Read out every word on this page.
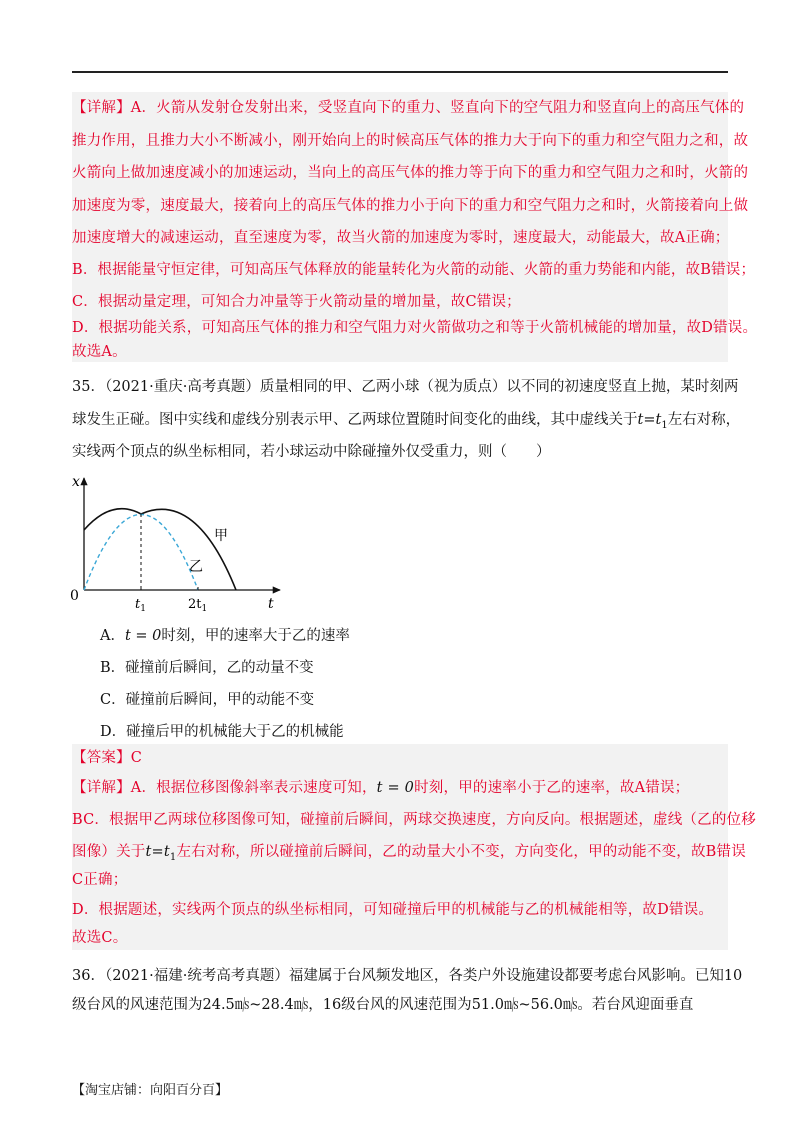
【详解】A．火箭从发射仓发射出来，受竖直向下的重力、竖直向下的空气阻力和竖直向上的高压气体的
推力作用，且推力大小不断减小，刚开始向上的时候高压气体的推力大于向下的重力和空气阻力之和，故
火箭向上做加速度减小的加速运动，当向上的高压气体的推力等于向下的重力和空气阻力之和时，火箭的
加速度为零，速度最大，接着向上的高压气体的推力小于向下的重力和空气阻力之和时，火箭接着向上做
加速度增大的减速运动，直至速度为零，故当火箭的加速度为零时，速度最大，动能最大，故A正确；
B．根据能量守恒定律，可知高压气体释放的能量转化为火箭的动能、火箭的重力势能和内能，故B错误；
C．根据动量定理，可知合力冲量等于火箭动量的增加量，故C错误；
D．根据功能关系，可知高压气体的推力和空气阻力对火箭做功之和等于火箭机械能的增加量，故D错误。
故选A。
35．（2021·重庆·高考真题）质量相同的甲、乙两小球（视为质点）以不同的初速度竖直上抛，某时刻两
球发生正碰。图中实线和虚线分别表示甲、乙两球位置随时间变化的曲线，其中虚线关于$t=t_1$左右对称，
实线两个顶点的纵坐标相同，若小球运动中除碰撞外仅受重力，则（　　）
x
t
0
$t_1$	$2t_1$
甲
乙
A．t = 0时刻，甲的速率大于乙的速率
B．碰撞前后瞬间，乙的动量不变
C．碰撞前后瞬间，甲的动能不变
D．碰撞后甲的机械能大于乙的机械能
【答案】C
【详解】A．根据位移图像斜率表示速度可知，t = 0时刻，甲的速率小于乙的速率，故A错误；
BC．根据甲乙两球位移图像可知，碰撞前后瞬间，两球交换速度，方向反向。根据题述，虚线（乙的位移
图像）关于$t=t_1$左右对称，所以碰撞前后瞬间，乙的动量大小不变，方向变化，甲的动能不变，故B错误
C正确；
D．根据题述，实线两个顶点的纵坐标相同，可知碰撞后甲的机械能与乙的机械能相等，故D错误。
故选C。
36．（2021·福建·统考高考真题）福建属于台风频发地区，各类户外设施建设都要考虑台风影响。已知10
级台风的风速范围为24.5㎧~28.4㎧，16级台风的风速范围为51.0㎧~56.0㎧。若台风迎面垂直
【淘宝店铺：向阳百分百】
